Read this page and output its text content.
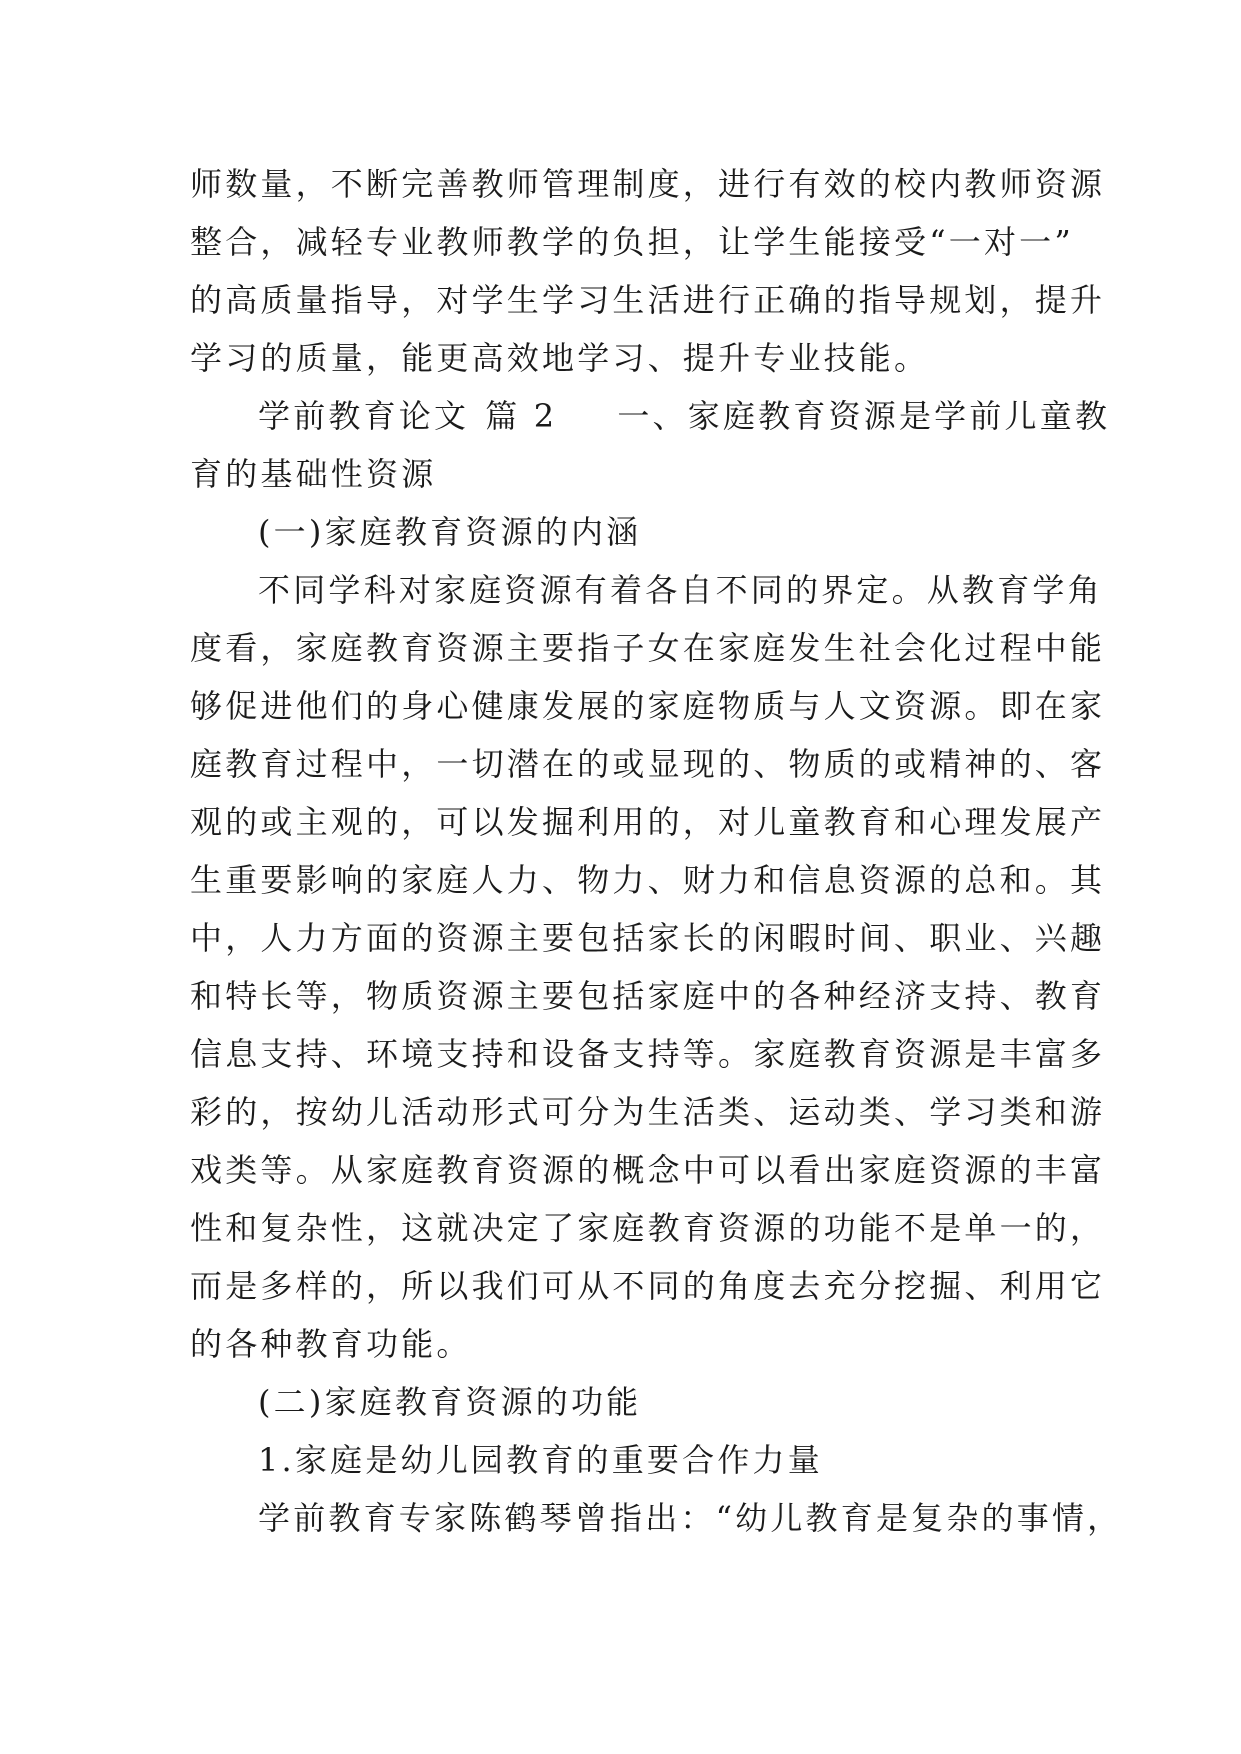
师数量，不断完善教师管理制度，进行有效的校内教师资源
整合，减轻专业教师教学的负担，让学生能接受“一对一”
的高质量指导，对学生学习生活进行正确的指导规划，提升
学习的质量，能更高效地学习、提升专业技能。
学前教育论文 篇 2 一、家庭教育资源是学前儿童教
育的基础性资源
(一)家庭教育资源的内涵
不同学科对家庭资源有着各自不同的界定。从教育学角
度看，家庭教育资源主要指子女在家庭发生社会化过程中能
够促进他们的身心健康发展的家庭物质与人文资源。即在家
庭教育过程中，一切潜在的或显现的、物质的或精神的、客
观的或主观的，可以发掘利用的，对儿童教育和心理发展产
生重要影响的家庭人力、物力、财力和信息资源的总和。其
中，人力方面的资源主要包括家长的闲暇时间、职业、兴趣
和特长等，物质资源主要包括家庭中的各种经济支持、教育
信息支持、环境支持和设备支持等。家庭教育资源是丰富多
彩的，按幼儿活动形式可分为生活类、运动类、学习类和游
戏类等。从家庭教育资源的概念中可以看出家庭资源的丰富
性和复杂性，这就决定了家庭教育资源的功能不是单一的，
而是多样的，所以我们可从不同的角度去充分挖掘、利用它
的各种教育功能。
(二)家庭教育资源的功能
1.家庭是幼儿园教育的重要合作力量
学前教育专家陈鹤琴曾指出：“幼儿教育是复杂的事情，
